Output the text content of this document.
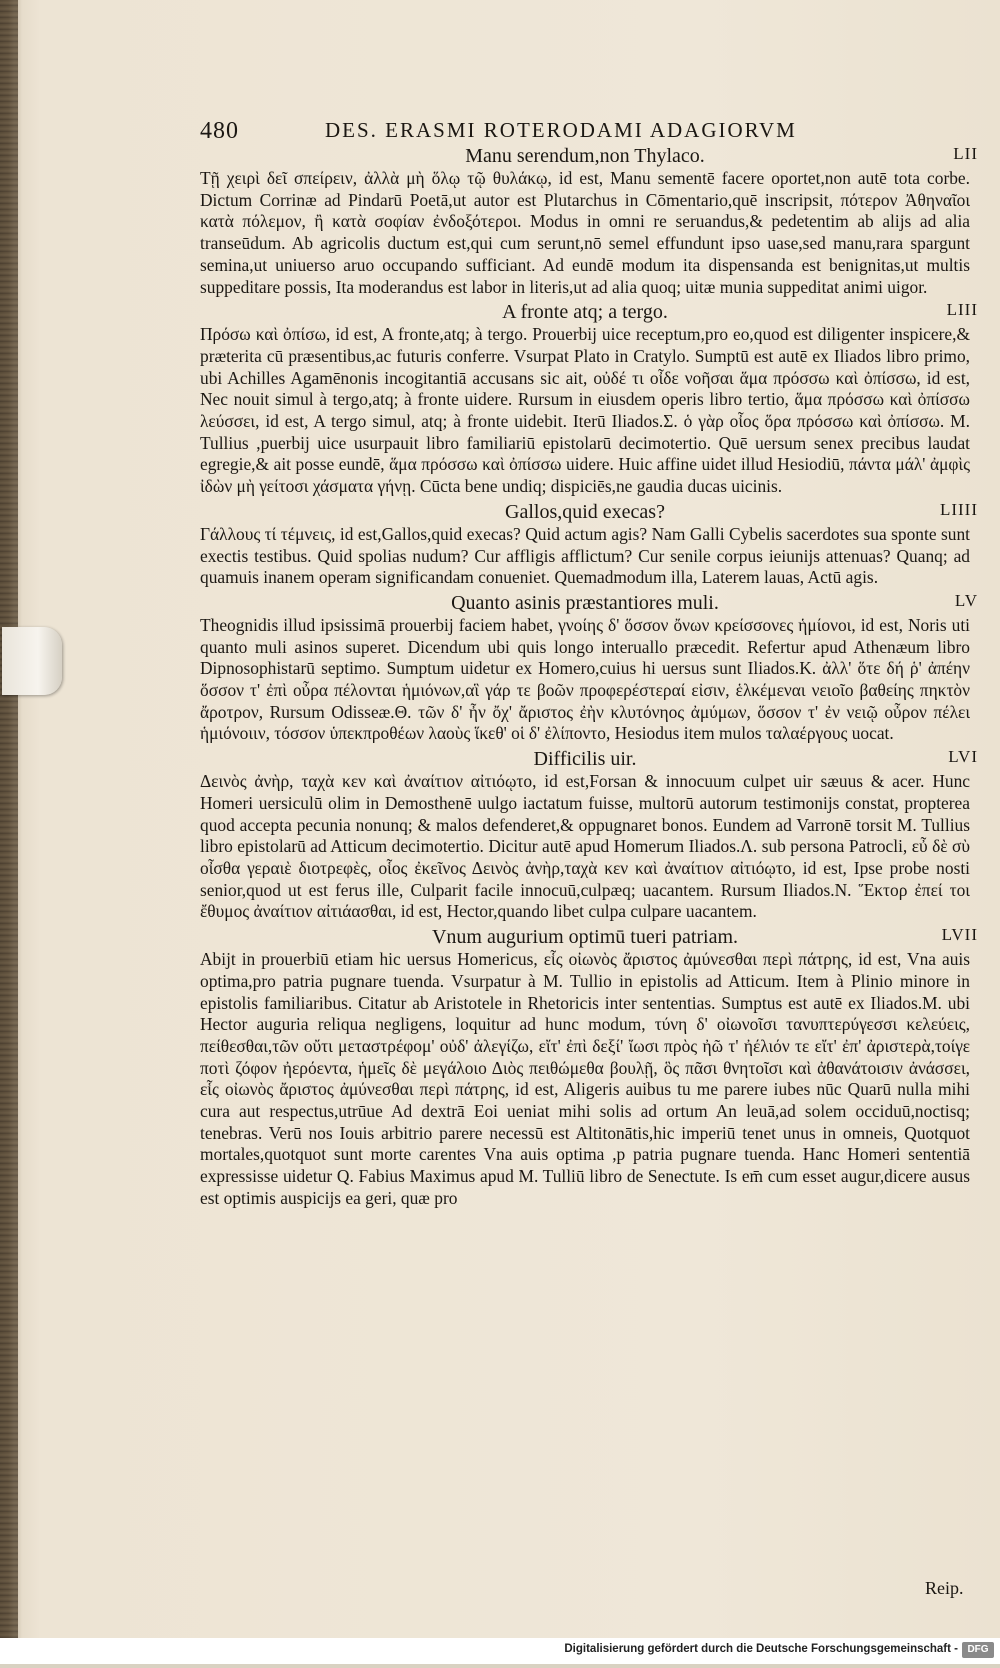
480	DES. ERASMI ROTERODAMI ADAGIORVM
Manu serendum,non Thylaco.	LII

Τῇ χειρὶ δεῖ σπείρειν, ἀλλὰ μὴ ὅλῳ τῷ θυλάκῳ, id est, Manu sementē facere oportet,non autē tota corbe. Dictum Corrinæ ad Pindarū Poetā,ut autor est Plutarchus in Cōmentario,quē inscripsit, πότερον Ἀθηναῖοι κατὰ πόλεμον, ἢ κατὰ σοφίαν ἐνδοξότεροι. Modus in omni re seruandus,& pedetentim ab alijs ad alia transeūdum. Ab agricolis ductum est,qui cum serunt,nō semel effundunt ipso uase,sed manu,rara spargunt semina,ut uniuerso aruo occupando sufficiant. Ad eundē modum ita dispensanda est benignitas,ut multis suppeditare possis, Ita moderandus est labor in literis,ut ad alia quoq; uitæ munia suppeditat animi uigor.

A fronte atq; a tergo.	LIII

Πρόσω καὶ ὀπίσω, id est, A fronte,atq; à tergo. Prouerbij uice receptum,pro eo,quod est diligenter inspicere,& præterita cū præsentibus,ac futuris conferre. Vsurpat Plato in Cratylo. Sumptū est autē ex Iliados libro primo, ubi Achilles Agamēnonis incogitantiā accusans sic ait, οὐδέ τι οἶδε νοῆσαι ἅμα πρόσσω καὶ ὀπίσσω, id est, Nec nouit simul à tergo,atq; à fronte uidere. Rursum in eiusdem operis libro tertio, ἅμα πρόσσω καὶ ὀπίσσω λεύσσει, id est, A tergo simul, atq; à fronte uidebit. Iterū Iliados.Σ. ὁ γὰρ οἶος ὅρα πρόσσω καὶ ὀπίσσω. M. Tullius ,puerbij uice usurpauit libro familiariū epistolarū decimotertio. Quē uersum senex precibus laudat egregie,& ait posse eundē, ἅμα πρόσσω καὶ ὀπίσσω uidere. Huic affine uidet illud Hesiodiū, πάντα μάλ' ἀμφὶς ἰδὼν μὴ γείτοσι χάσματα γήνῃ. Cūcta bene undiq; dispiciēs,ne gaudia ducas uicinis.

Gallos,quid execas?	LIIII

Γάλλους τί τέμνεις, id est,Gallos,quid execas? Quid actum agis? Nam Galli Cybelis sacerdotes sua sponte sunt exectis testibus. Quid spolias nudum? Cur affligis afflictum? Cur senile corpus ieiunijs attenuas? Quanq; ad quamuis inanem operam significandam conueniet. Quemadmodum illa, Laterem lauas, Actū agis.

Quanto asinis præstantiores muli.	LV

Theognidis illud ipsissimā prouerbij faciem habet, γνοίης δ' ὅσσον ὄνων κρείσσονες ἡμίονοι, id est, Noris uti quanto muli asinos superet. Dicendum ubi quis longo interuallo præcedit. Refertur apud Athenæum libro Dipnosophistarū septimo. Sumptum uidetur ex Homero,cuius hi uersus sunt Iliados.Κ. ἀλλ' ὅτε δή ῥ' ἀπέην ὅσσον τ' ἐπὶ οὖρα πέλονται ἡμιόνων,αἳ γάρ τε βοῶν προφερέστεραί εἰσιν, ἑλκέμεναι νειοῖο βαθείης πηκτὸν ἄροτρον, Rursum Odisseæ.Θ. τῶν δ' ἦν ὄχ' ἄριστος ἐὴν κλυτόνηος ἀμύμων, ὅσσον τ' ἐν νειῷ οὖρον πέλει ἡμιόνοιιν, τόσσον ὑπεκπροθέων λαοὺς ἵκεθ' οἱ δ' ἐλίποντο, Hesiodus item mulos ταλαέργους uocat.

Difficilis uir.	LVI

Δεινὸς ἀνὴρ, ταχὰ κεν καὶ ἀναίτιον αἰτιόῳτο, id est,Forsan & innocuum culpet uir sæuus & acer. Hunc Homeri uersiculū olim in Demosthenē uulgo iactatum fuisse, multorū autorum testimonijs constat, propterea quod accepta pecunia nonunq; & malos defenderet,& oppugnaret bonos. Eundem ad Varronē torsit M. Tullius libro epistolarū ad Atticum decimotertio. Dicitur autē apud Homerum Iliados.Λ. sub persona Patrocli, εὖ δὲ σὺ οἶσθα γεραιὲ διοτρεφὲς, οἷος ἐκεῖνος Δεινὸς ἀνὴρ,ταχὰ κεν καὶ ἀναίτιον αἰτιόῳτο, id est, Ipse probe nosti senior,quod ut est ferus ille, Culparit facile innocuū,culpæq; uacantem. Rursum Iliados.Ν. Ἕκτορ ἐπεί τοι ἔθυμος ἀναίτιον αἰτιάασθαι, id est, Hector,quando libet culpa culpare uacantem.

Vnum augurium optimū tueri patriam.	LVII

Abijt in prouerbiū etiam hic uersus Homericus, εἷς οἰωνὸς ἄριστος ἀμύνεσθαι περὶ πάτρης, id est, Vna auis optima,pro patria pugnare tuenda. Vsurpatur à M. Tullio in epistolis ad Atticum. Item à Plinio minore in epistolis familiaribus. Citatur ab Aristotele in Rhetoricis inter sententias. Sumptus est autē ex Iliados.Μ. ubi Hector auguria reliqua negligens, loquitur ad hunc modum, τύνη δ' οἰωνοῖσι τανυπτερύγεσσι κελεύεις, πείθεσθαι,τῶν οὔτι μεταστρέφομ' οὐδ' ἀλεγίζω, εἴτ' ἐπὶ δεξί' ἴωσι πρὸς ἠῶ τ' ἠέλιόν τε εἴτ' ἐπ' ἀριστερὰ,τοίγε ποτὶ ζόφον ἠερόεντα, ἡμεῖς δὲ μεγάλοιο Διὸς πειθώμεθα βουλῇ, ὃς πᾶσι θνητοῖσι καὶ ἀθανάτοισιν ἀνάσσει, εἷς οἰωνὸς ἄριστος ἀμύνεσθαι περὶ πάτρης, id est, Aligeris auibus tu me parere iubes nūc Quarū nulla mihi cura aut respectus,utrūue Ad dextrā Eoi ueniat mihi solis ad ortum An leuā,ad solem occiduū,noctisq; tenebras. Verū nos Iouis arbitrio parere necessū est Altitonātis,hic imperiū tenet unus in omneis, Quotquot mortales,quotquot sunt morte carentes Vna auis optima ,p patria pugnare tuenda. Hanc Homeri sententiā expressisse uidetur Q. Fabius Maximus apud M. Tulliū libro de Senectute. Is em̄ cum esset augur,dicere ausus est optimis auspicijs ea geri, quæ pro

Reip.
Digitalisierung gefördert durch die Deutsche Forschungsgemeinschaft - DFG
